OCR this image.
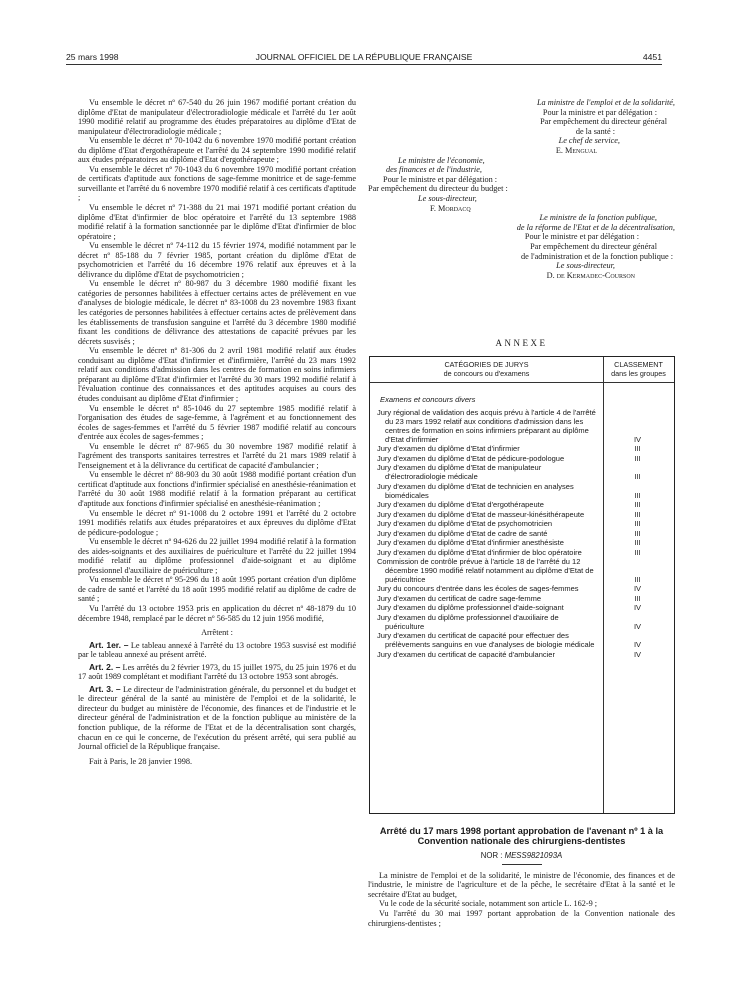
25 mars 1998	JOURNAL OFFICIEL DE LA RÉPUBLIQUE FRANÇAISE	4451

Vu ensemble le décret nº 67-540 du 26 juin 1967 modifié portant création du diplôme d'Etat de manipulateur d'électroradiologie médicale et l'arrêté du 1er août 1990 modifié relatif au programme des études préparatoires au diplôme d'Etat de manipulateur d'électroradiologie médicale ;

Vu ensemble le décret nº 70-1042 du 6 novembre 1970 modifié portant création du diplôme d'Etat d'ergothérapeute et l'arrêté du 24 septembre 1990 modifié relatif aux études préparatoires au diplôme d'Etat d'ergothérapeute ;

Vu ensemble le décret nº 70-1043 du 6 novembre 1970 modifié portant création de certificats d'aptitude aux fonctions de sage-femme monitrice et de sage-femme surveillante et l'arrêté du 6 novembre 1970 modifié relatif à ces certificats d'aptitude ;

Vu ensemble le décret nº 71-388 du 21 mai 1971 modifié portant création du diplôme d'Etat d'infirmier de bloc opératoire et l'arrêté du 13 septembre 1988 modifié relatif à la formation sanctionnée par le diplôme d'Etat d'infirmier de bloc opératoire ;

Vu ensemble le décret nº 74-112 du 15 février 1974, modifié notamment par le décret nº 85-188 du 7 février 1985, portant création du diplôme d'Etat de psychomotricien et l'arrêté du 16 décembre 1976 relatif aux épreuves et à la délivrance du diplôme d'Etat de psychomotricien ;

Vu ensemble le décret nº 80-987 du 3 décembre 1980 modifié fixant les catégories de personnes habilitées à effectuer certains actes de prélèvement en vue d'analyses de biologie médicale, le décret nº 83-1008 du 23 novembre 1983 fixant les catégories de personnes habilitées à effectuer certains actes de prélèvement dans les établissements de transfusion sanguine et l'arrêté du 3 décembre 1980 modifié fixant les conditions de délivrance des attestations de capacité prévues par les décrets susvisés ;

Vu ensemble le décret nº 81-306 du 2 avril 1981 modifié relatif aux études conduisant au diplôme d'Etat d'infirmier et d'infirmière, l'arrêté du 23 mars 1992 relatif aux conditions d'admission dans les centres de formation en soins infirmiers préparant au diplôme d'Etat d'infirmier et l'arrêté du 30 mars 1992 modifié relatif à l'évaluation continue des connaissances et des aptitudes acquises au cours des études conduisant au diplôme d'Etat d'infirmier ;

Vu ensemble le décret nº 85-1046 du 27 septembre 1985 modifié relatif à l'organisation des études de sage-femme, à l'agrément et au fonctionnement des écoles de sages-femmes et l'arrêté du 5 février 1987 modifié relatif au concours d'entrée aux écoles de sages-femmes ;

Vu ensemble le décret nº 87-965 du 30 novembre 1987 modifié relatif à l'agrément des transports sanitaires terrestres et l'arrêté du 21 mars 1989 relatif à l'enseignement et à la délivrance du certificat de capacité d'ambulancier ;

Vu ensemble le décret nº 88-903 du 30 août 1988 modifié portant création d'un certificat d'aptitude aux fonctions d'infirmier spécialisé en anesthésie-réanimation et l'arrêté du 30 août 1988 modifié relatif à la formation préparant au certificat d'aptitude aux fonctions d'infirmier spécialisé en anesthésie-réanimation ;

Vu ensemble le décret nº 91-1008 du 2 octobre 1991 et l'arrêté du 2 octobre 1991 modifiés relatifs aux études préparatoires et aux épreuves du diplôme d'Etat de pédicure-podologue ;

Vu ensemble le décret nº 94-626 du 22 juillet 1994 modifié relatif à la formation des aides-soignants et des auxiliaires de puériculture et l'arrêté du 22 juillet 1994 modifié relatif au diplôme professionnel d'aide-soignant et au diplôme professionnel d'auxiliaire de puériculture ;

Vu ensemble le décret nº 95-296 du 18 août 1995 portant création d'un diplôme de cadre de santé et l'arrêté du 18 août 1995 modifié relatif au diplôme de cadre de santé ;

Vu l'arrêté du 13 octobre 1953 pris en application du décret nº 48-1879 du 10 décembre 1948, remplacé par le décret nº 56-585 du 12 juin 1956 modifié,

Arrêtent :

Art. 1er. – Le tableau annexé à l'arrêté du 13 octobre 1953 susvisé est modifié par le tableau annexé au présent arrêté.

Art. 2. – Les arrêtés du 2 février 1973, du 15 juillet 1975, du 25 juin 1976 et du 17 août 1989 complétant et modifiant l'arrêté du 13 octobre 1953 sont abrogés.

Art. 3. – Le directeur de l'administration générale, du personnel et du budget et le directeur général de la santé au ministère de l'emploi et de la solidarité, le directeur du budget au ministère de l'économie, des finances et de l'industrie et le directeur général de l'administration et de la fonction publique au ministère de la fonction publique, de la réforme de l'Etat et de la décentralisation sont chargés, chacun en ce qui le concerne, de l'exécution du présent arrêté, qui sera publié au Journal officiel de la République française.

Fait à Paris, le 28 janvier 1998.

La ministre de l'emploi et de la solidarité,
Pour la ministre et par délégation :
Par empêchement du directeur général
de la santé :
Le chef de service,
E. Mengual
Le ministre de l'économie,
des finances et de l'industrie,
Pour le ministre et par délégation :
Par empêchement du directeur du budget :
Le sous-directeur,
F. Mordacq
Le ministre de la fonction publique,
de la réforme de l'Etat et de la décentralisation,
Pour le ministre et par délégation :
Par empêchement du directeur général
de l'administration et de la fonction publique :
Le sous-directeur,
D. de Kermadec-Courson
ANNEXE
CATÉGORIES DE JURYS
de concours ou d'examens
CLASSEMENT
dans les groupes
Examens et concours divers
Jury régional de validation des acquis prévu à l'article 4 de l'arrêté du 23 mars 1992 relatif aux conditions d'admission dans les centres de formation en soins infirmiers préparant au diplôme d'Etat d'infirmier	IV
Jury d'examen du diplôme d'Etat d'infirmier	III
Jury d'examen du diplôme d'Etat de pédicure-podologue	III
Jury d'examen du diplôme d'Etat de manipulateur d'électroradiologie médicale	III
Jury d'examen du diplôme d'Etat de technicien en analyses biomédicales	III
Jury d'examen du diplôme d'Etat d'ergothérapeute	III
Jury d'examen du diplôme d'Etat de masseur-kinésithérapeute	III
Jury d'examen du diplôme d'Etat de psychomotricien	III
Jury d'examen du diplôme d'Etat de cadre de santé	III
Jury d'examen du diplôme d'Etat d'infirmier anesthésiste	III
Jury d'examen du diplôme d'Etat d'infirmier de bloc opératoire	III
Commission de contrôle prévue à l'article 18 de l'arrêté du 12 décembre 1990 modifié relatif notamment au diplôme d'Etat de puéricultrice	III
Jury du concours d'entrée dans les écoles de sages-femmes	IV
Jury d'examen du certificat de cadre sage-femme	III
Jury d'examen du diplôme professionnel d'aide-soignant	IV
Jury d'examen du diplôme professionnel d'auxiliaire de puériculture	IV
Jury d'examen du certificat de capacité pour effectuer des prélèvements sanguins en vue d'analyses de biologie médicale	IV
Jury d'examen du certificat de capacité d'ambulancier	IV
Arrêté du 17 mars 1998 portant approbation de l'avenant nº 1 à la Convention nationale des chirurgiens-dentistes
NOR : MESS9821093A

La ministre de l'emploi et de la solidarité, le ministre de l'économie, des finances et de l'industrie, le ministre de l'agriculture et de la pêche, le secrétaire d'Etat à la santé et le secrétaire d'Etat au budget,

Vu le code de la sécurité sociale, notamment son article L. 162-9 ;

Vu l'arrêté du 30 mai 1997 portant approbation de la Convention nationale des chirurgiens-dentistes ;
